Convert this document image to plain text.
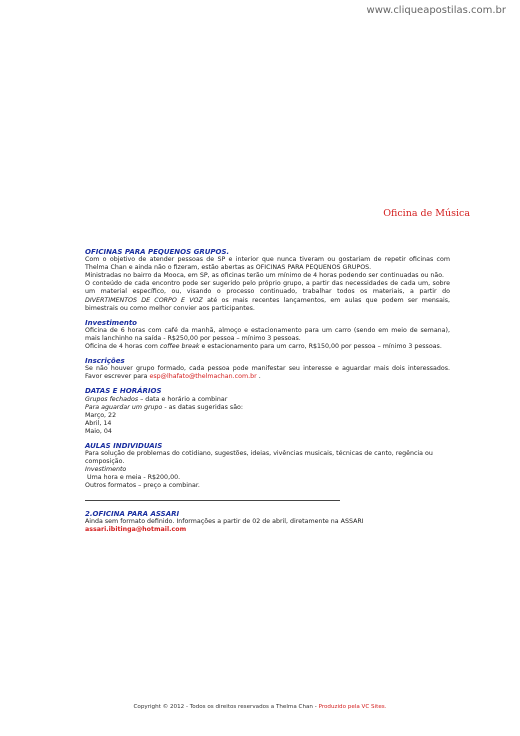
www.cliqueapostilas.com.br
Oficina de Música
OFICINAS PARA PEQUENOS GRUPOS.
Com o objetivo de atender pessoas de SP e interior que nunca tiveram ou gostariam de repetir oficinas com Thelma Chan e ainda não o fizeram, estão abertas as OFICINAS PARA PEQUENOS GRUPOS.
Ministradas no bairro da Mooca, em SP, as oficinas terão um mínimo de 4 horas podendo ser continuadas ou não.
O conteúdo de cada encontro pode ser sugerido pelo próprio grupo, a partir das necessidades de cada um, sobre um material específico, ou, visando o processo continuado, trabalhar todos os materiais, a partir do DIVERTIMENTOS DE CORPO E VOZ até os mais recentes lançamentos, em aulas que podem ser mensais, bimestrais ou como melhor convier aos participantes.
Investimento
Oficina de 6 horas com café da manhã, almoço e estacionamento para um carro (sendo em meio de semana), mais lanchinho na saída - R$250,00 por pessoa – mínimo 3 pessoas.
Oficina de 4 horas com coffee break e estacionamento para um carro, R$150,00 por pessoa – mínimo 3 pessoas.
Inscrições
Se não houver grupo formado, cada pessoa pode manifestar seu interesse e aguardar mais dois interessados. Favor escrever para esp@lhafato@thelmachan.com.br .
DATAS E HORÁRIOS
Grupos fechados – data e horário a combinar
Para aguardar um grupo - as datas sugeridas são:
Março, 22
Abril, 14
Maio, 04
AULAS INDIVIDUAIS
Para solução de problemas do cotidiano, sugestões, ideias, vivências musicais, técnicas de canto, regência ou composição.
Investimento
Uma hora e meia - R$200,00.
Outros formatos – preço a combinar.
2.OFICINA PARA ASSARI
Ainda sem formato definido. Informações a partir de 02 de abril, diretamente na ASSARI
assari.ibitinga@hotmail.com
Copyright © 2012 - Todos os direitos reservados a Thelma Chan - Produzido pela VC Sites.
